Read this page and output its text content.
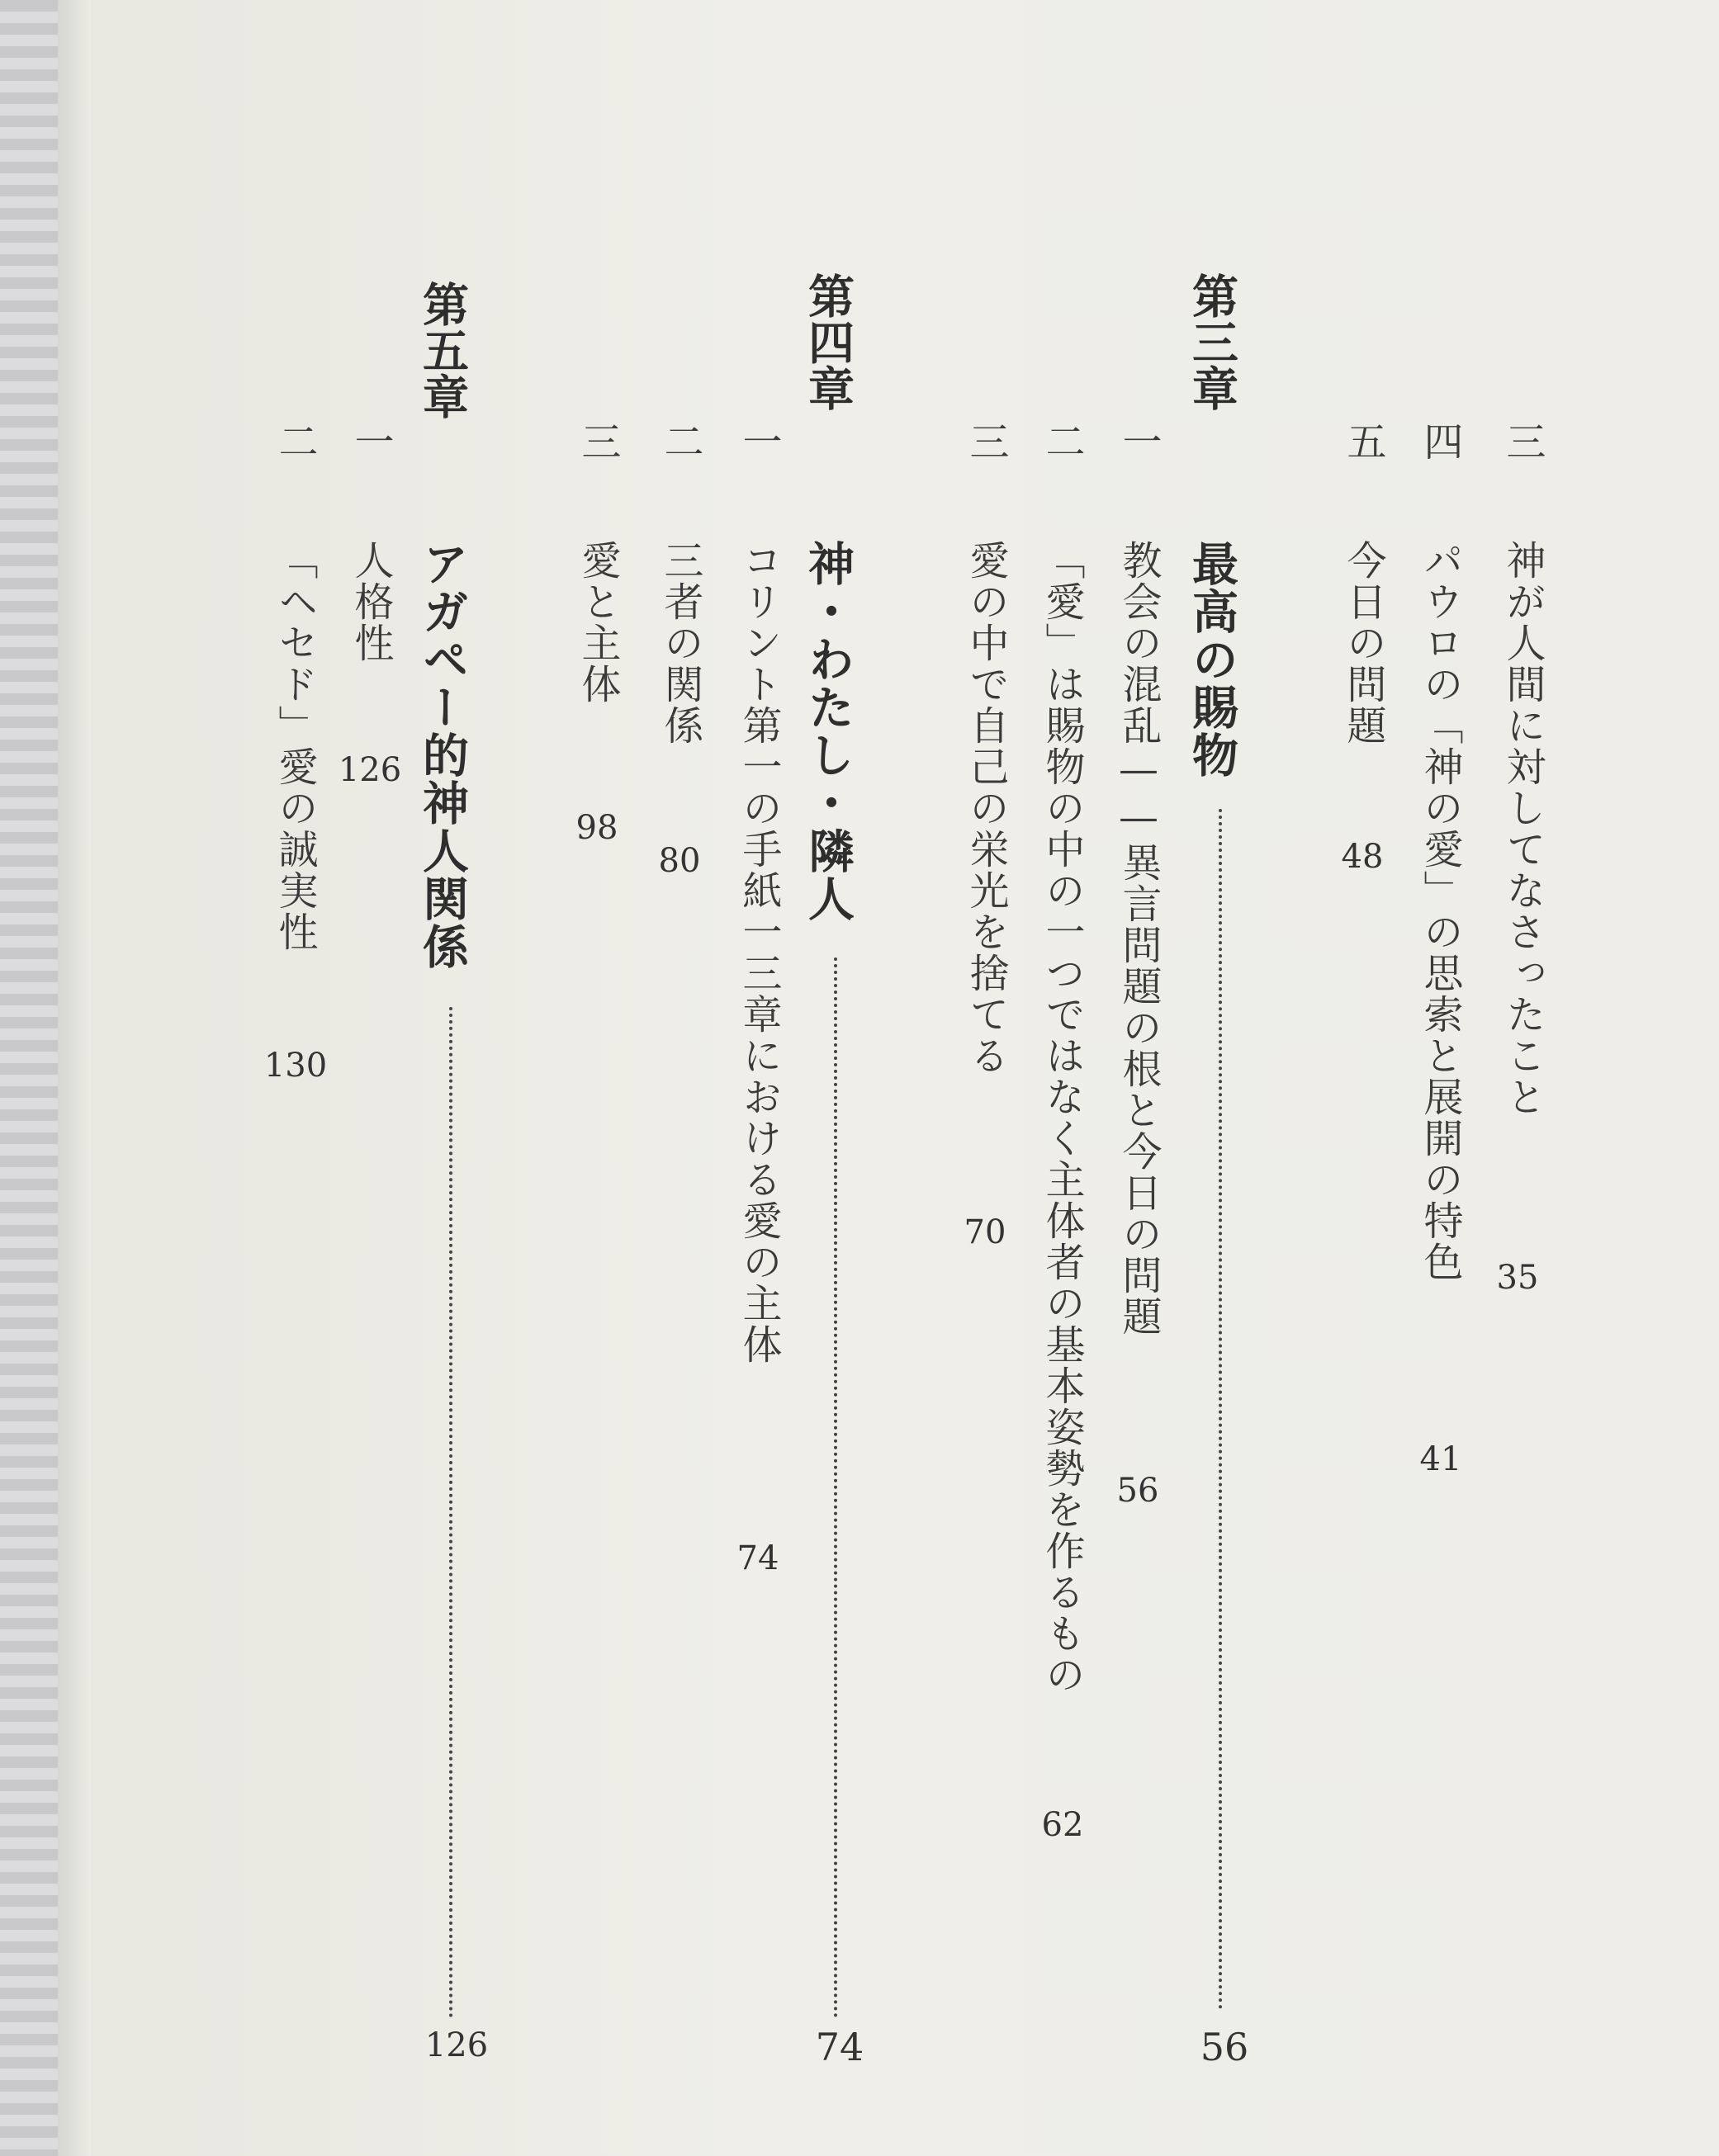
三 神が人間に対してなさったこと
35
四 パウロの「神の愛」の思索と展開の特色
41
五 今日の問題
48
第三章 最高の賜物
56
一 教会の混乱——異言問題の根と今日の問題
56
二 「愛」は賜物の中の一つではなく主体者の基本姿勢を作るもの
62
三 愛の中で自己の栄光を捨てる
70
第四章 神・わたし・隣人
74
一 コリント第一の手紙一三章における愛の主体
74
二 三者の関係
80
三 愛と主体
98
第五章 アガペー的神人関係
126
一 人格性
126
二 「ヘセド」愛の誠実性
130
